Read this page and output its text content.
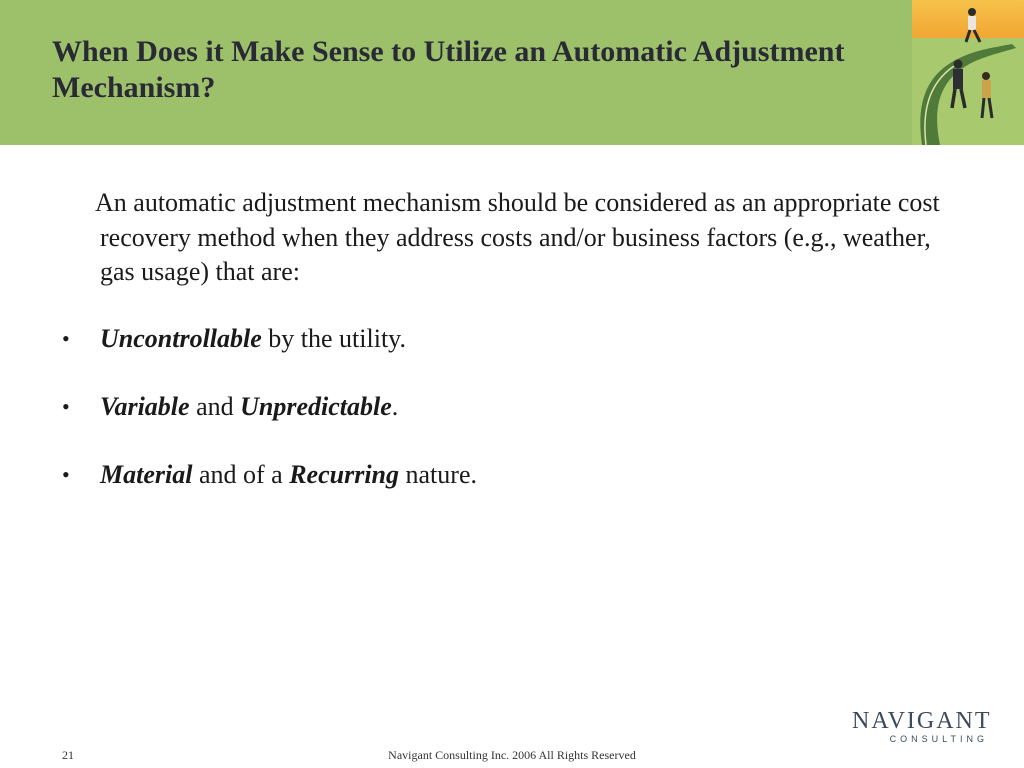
When Does it Make Sense to Utilize an Automatic Adjustment Mechanism?

An automatic adjustment mechanism should be considered as an appropriate cost recovery method when they address costs and/or business factors (e.g., weather, gas usage) that are:

• Uncontrollable by the utility.
• Variable and Unpredictable.
• Material and of a Recurring nature.
NAVIGANT
CONSULTING
21	Navigant Consulting Inc. 2006 All Rights Reserved
